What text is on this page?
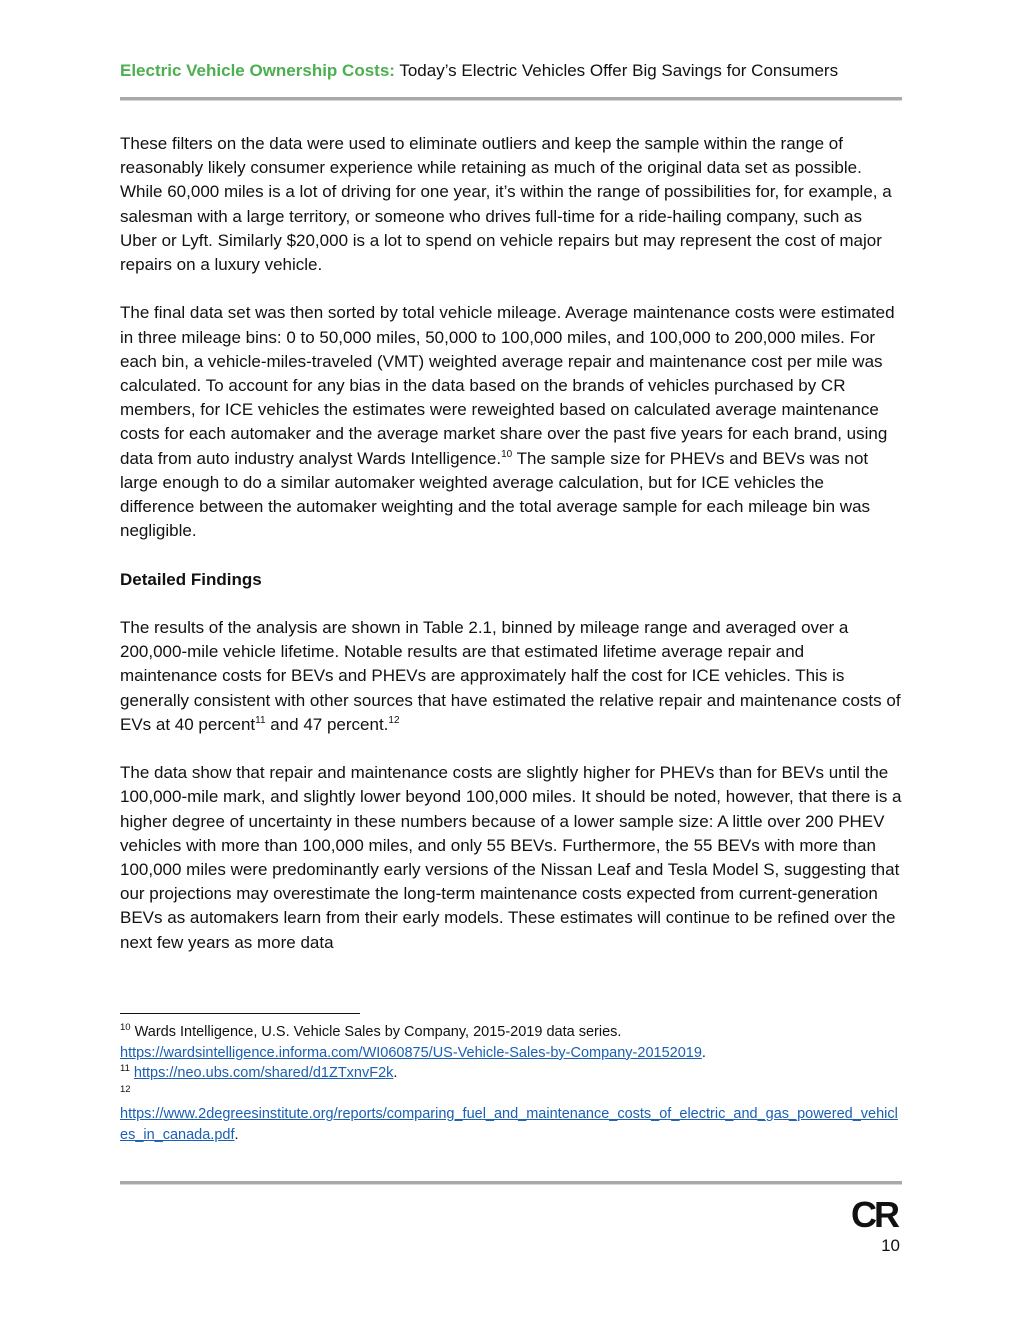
Electric Vehicle Ownership Costs: Today’s Electric Vehicles Offer Big Savings for Consumers

These filters on the data were used to eliminate outliers and keep the sample within the range of reasonably likely consumer experience while retaining as much of the original data set as possible. While 60,000 miles is a lot of driving for one year, it’s within the range of possibilities for, for example, a salesman with a large territory, or someone who drives full-time for a ride-hailing company, such as Uber or Lyft. Similarly $20,000 is a lot to spend on vehicle repairs but may represent the cost of major repairs on a luxury vehicle.

The final data set was then sorted by total vehicle mileage. Average maintenance costs were estimated in three mileage bins: 0 to 50,000 miles, 50,000 to 100,000 miles, and 100,000 to 200,000 miles. For each bin, a vehicle-miles-traveled (VMT) weighted average repair and maintenance cost per mile was calculated. To account for any bias in the data based on the brands of vehicles purchased by CR members, for ICE vehicles the estimates were reweighted based on calculated average maintenance costs for each automaker and the average market share over the past five years for each brand, using data from auto industry analyst Wards Intelligence.$^{10}$ The sample size for PHEVs and BEVs was not large enough to do a similar automaker weighted average calculation, but for ICE vehicles the difference between the automaker weighting and the total average sample for each mileage bin was negligible.

Detailed Findings

The results of the analysis are shown in Table 2.1, binned by mileage range and averaged over a 200,000-mile vehicle lifetime. Notable results are that estimated lifetime average repair and maintenance costs for BEVs and PHEVs are approximately half the cost for ICE vehicles. This is generally consistent with other sources that have estimated the relative repair and maintenance costs of EVs at 40 percent$^{11}$ and 47 percent.$^{12}$

The data show that repair and maintenance costs are slightly higher for PHEVs than for BEVs until the 100,000-mile mark, and slightly lower beyond 100,000 miles. It should be noted, however, that there is a higher degree of uncertainty in these numbers because of a lower sample size: A little over 200 PHEV vehicles with more than 100,000 miles, and only 55 BEVs. Furthermore, the 55 BEVs with more than 100,000 miles were predominantly early versions of the Nissan Leaf and Tesla Model S, suggesting that our projections may overestimate the long-term maintenance costs expected from current-generation BEVs as automakers learn from their early models. These estimates will continue to be refined over the next few years as more data

$^{10}$ Wards Intelligence, U.S. Vehicle Sales by Company, 2015-2019 data series.
https://wardsintelligence.informa.com/WI060875/US-Vehicle-Sales-by-Company-20152019.

$^{11}$ https://neo.ubs.com/shared/d1ZTxnvF2k.

$^{12}$
https://www.2degreesinstitute.org/reports/comparing_fuel_and_maintenance_costs_of_electric_and_gas_powered_vehicles_in_canada.pdf.

CR
10
